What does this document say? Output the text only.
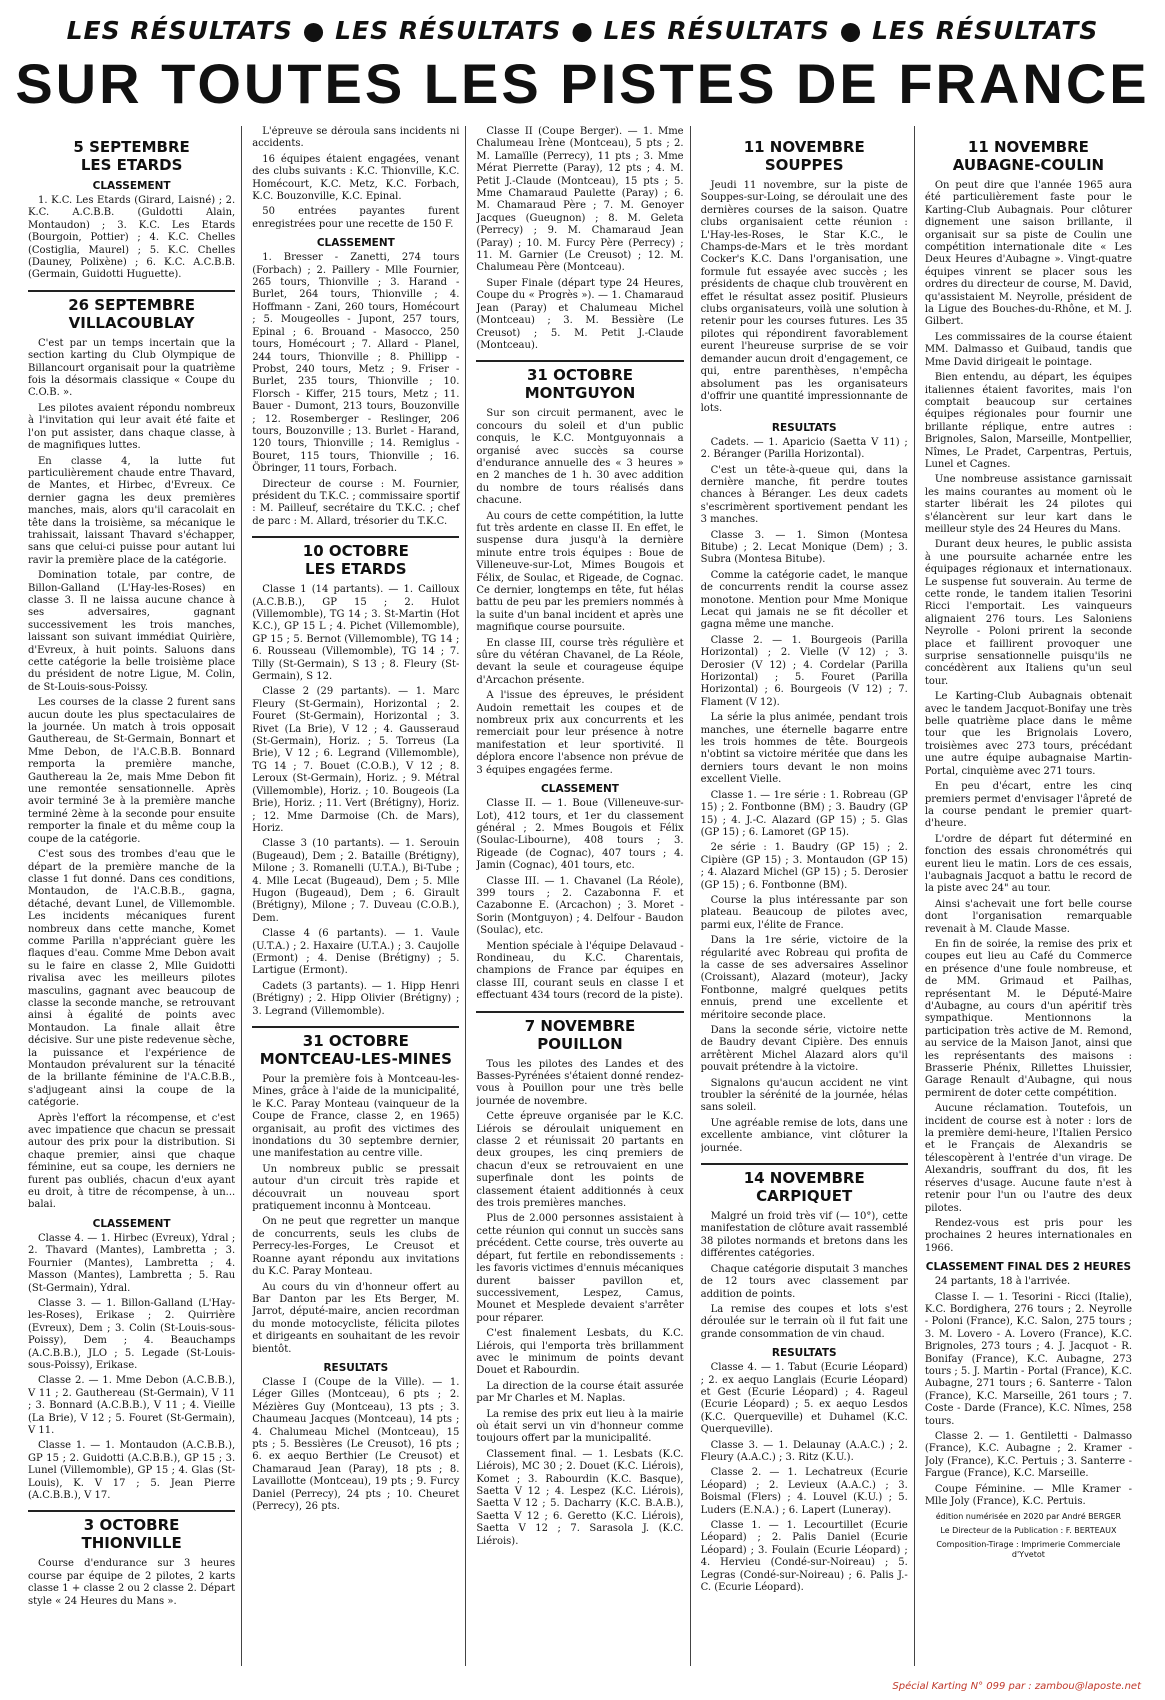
LES RÉSULTATS ● LES RÉSULTATS ● LES RÉSULTATS ● LES RÉSULTATS
SUR TOUTES LES PISTES DE FRANCE
5 SEPTEMBRE
LES ETARDS
CLASSEMENT

1. K.C. Les Etards (Girard, Laisné) ; 2. K.C. A.C.B.B. (Guldotti Alain, Montaudon) ; 3. K.C. Les Etards (Bourgoin, Pottier) ; 4. K.C. Chelles (Costiglia, Maurel) ; 5. K.C. Chelles (Dauney, Polixène) ; 6. K.C. A.C.B.B. (Germain, Guidotti Huguette).

26 SEPTEMBRE
VILLACOUBLAY

C'est par un temps incertain que la section karting du Club Olympique de Billancourt organisait pour la quatrième fois la désormais classique « Coupe du C.O.B. ».

Les pilotes avaient répondu nombreux à l'invitation qui leur avait été faite et l'on put assister, dans chaque classe, à de magnifiques luttes.

En classe 4, la lutte fut particulièrement chaude entre Thavard, de Mantes, et Hirbec, d'Evreux. Ce dernier gagna les deux premières manches, mais, alors qu'il caracolait en tête dans la troisième, sa mécanique le trahissait, laissant Thavard s'échapper, sans que celui-ci puisse pour autant lui ravir la première place de la catégorie.

Domination totale, par contre, de Billon-Galland (L'Hay-les-Roses) en classe 3. Il ne laissa aucune chance à ses adversaires, gagnant successivement les trois manches, laissant son suivant immédiat Quirière, d'Evreux, à huit points. Saluons dans cette catégorie la belle troisième place du président de notre Ligue, M. Colin, de St-Louis-sous-Poissy.

Les courses de la classe 2 furent sans aucun doute les plus spectaculaires de la journée. Un match à trois opposait Gauthereau, de St-Germain, Bonnart et Mme Debon, de l'A.C.B.B. Bonnard remporta la première manche, Gauthereau la 2e, mais Mme Debon fit une remontée sensationnelle. Après avoir terminé 3e à la première manche terminé 2ème à la seconde pour ensuite remporter la finale et du même coup la coupe de la catégorie.

C'est sous des trombes d'eau que le départ de la première manche de la classe 1 fut donné. Dans ces conditions, Montaudon, de l'A.C.B.B., gagna, détaché, devant Lunel, de Villemomble. Les incidents mécaniques furent nombreux dans cette manche, Komet comme Parilla n'appréciant guère les flaques d'eau. Comme Mme Debon avait su le faire en classe 2, Mlle Guidotti rivalisa avec les meilleurs pilotes masculins, gagnant avec beaucoup de classe la seconde manche, se retrouvant ainsi à égalité de points avec Montaudon. La finale allait être décisive. Sur une piste redevenue sèche, la puissance et l'expérience de Montaudon prévalurent sur la ténacité de la brillante féminine de l'A.C.B.B., s'adjugeant ainsi la coupe de la catégorie.

Après l'effort la récompense, et c'est avec impatience que chacun se pressait autour des prix pour la distribution. Si chaque premier, ainsi que chaque féminine, eut sa coupe, les derniers ne furent pas oubliés, chacun d'eux ayant eu droit, à titre de récompense, à un... balai.

CLASSEMENT

Classe 4. — 1. Hirbec (Evreux), Ydral ; 2. Thavard (Mantes), Lambretta ; 3. Fournier (Mantes), Lambretta ; 4. Masson (Mantes), Lambretta ; 5. Rau (St-Germain), Ydral.

Classe 3. — 1. Billon-Galland (L'Hay-les-Roses), Erikase ; 2. Quirrière (Evreux), Dem ; 3. Colin (St-Louis-sous-Poissy), Dem ; 4. Beauchamps (A.C.B.B.), JLO ; 5. Legade (St-Louis-sous-Poissy), Erikase.

Classe 2. — 1. Mme Debon (A.C.B.B.), V 11 ; 2. Gauthereau (St-Germain), V 11 ; 3. Bonnard (A.C.B.B.), V 11 ; 4. Vieille (La Brie), V 12 ; 5. Fouret (St-Germain), V 11.

Classe 1. — 1. Montaudon (A.C.B.B.), GP 15 ; 2. Guidotti (A.C.B.B.), GP 15 ; 3. Lunel (Villemomble), GP 15 ; 4. Glas (St-Louis), K. V 17 ; 5. Jean Pierre (A.C.B.B.), V 17.

3 OCTOBRE
THIONVILLE

Course d'endurance sur 3 heures course par équipe de 2 pilotes, 2 karts classe 1 + classe 2 ou 2 classe 2. Départ style « 24 Heures du Mans ».

L'épreuve se déroula sans incidents ni accidents.

16 équipes étaient engagées, venant des clubs suivants : K.C. Thionville, K.C. Homécourt, K.C. Metz, K.C. Forbach, K.C. Bouzonville, K.C. Epinal.

50 entrées payantes furent enregistrées pour une recette de 150 F.

CLASSEMENT

1. Bresser - Zanetti, 274 tours (Forbach) ; 2. Paillery - Mlle Fournier, 265 tours, Thionville ; 3. Harand - Burlet, 264 tours, Thionville ; 4. Hoffmann - Zani, 260 tours, Homécourt ; 5. Mougeolles - Jupont, 257 tours, Epinal ; 6. Brouand - Masocco, 250 tours, Homécourt ; 7. Allard - Planel, 244 tours, Thionville ; 8. Phillipp - Probst, 240 tours, Metz ; 9. Friser - Burlet, 235 tours, Thionville ; 10. Florsch - Kiffer, 215 tours, Metz ; 11. Bauer - Dumont, 213 tours, Bouzonville ; 12. Rosemberger - Reslinger, 206 tours, Bouzonville ; 13. Burlet - Harand, 120 tours, Thionville ; 14. Remiglus - Bouret, 115 tours, Thionville ; 16. Öbringer, 11 tours, Forbach.

Directeur de course : M. Fournier, président du T.K.C. ; commissaire sportif : M. Pailleuf, secrétaire du T.K.C. ; chef de parc : M. Allard, trésorier du T.K.C.

10 OCTOBRE
LES ETARDS

Classe 1 (14 partants). — 1. Cailloux (A.C.B.B.), GP 15 ; 2. Hulot (Villemomble), TG 14 ; 3. St-Martin (Hot K.C.), GP 15 L ; 4. Pichet (Villemomble), GP 15 ; 5. Bernot (Villemomble), TG 14 ; 6. Rousseau (Villemomble), TG 14 ; 7. Tilly (St-Germain), S 13 ; 8. Fleury (St-Germain), S 12.

Classe 2 (29 partants). — 1. Marc Fleury (St-Germain), Horizontal ; 2. Fouret (St-Germain), Horizontal ; 3. Rivet (La Brie), V 12 ; 4. Gausseraud (St-Germain), Horiz. ; 5. Torreus (La Brie), V 12 ; 6. Legrand (Villemomble), TG 14 ; 7. Bouet (C.O.B.), V 12 ; 8. Leroux (St-Germain), Horiz. ; 9. Métral (Villemomble), Horiz. ; 10. Bougeois (La Brie), Horiz. ; 11. Vert (Brétigny), Horiz. ; 12. Mme Darmoise (Ch. de Mars), Horiz.

Classe 3 (10 partants). — 1. Serouin (Bugeaud), Dem ; 2. Bataille (Brétigny), Milone ; 3. Romanelli (U.T.A.), Bi-Tube ; 4. Mlle Lecat (Bugeaud), Dem ; 5. Mlle Hugon (Bugeaud), Dem ; 6. Girault (Brétigny), Milone ; 7. Duveau (C.O.B.), Dem.

Classe 4 (6 partants). — 1. Vaule (U.T.A.) ; 2. Haxaire (U.T.A.) ; 3. Caujolle (Ermont) ; 4. Denise (Brétigny) ; 5. Lartigue (Ermont).

Cadets (3 partants). — 1. Hipp Henri (Brétigny) ; 2. Hipp Olivier (Brétigny) ; 3. Legrand (Villemomble).

31 OCTOBRE
MONTCEAU-LES-MINES

Pour la première fois à Montceau-les-Mines, grâce à l'aide de la municipalité, le K.C. Paray Monteau (vainqueur de la Coupe de France, classe 2, en 1965) organisait, au profit des victimes des inondations du 30 septembre dernier, une manifestation au centre ville.

Un nombreux public se pressait autour d'un circuit très rapide et découvrait un nouveau sport pratiquement inconnu à Montceau.

On ne peut que regretter un manque de concurrents, seuls les clubs de Perrecy-les-Forges, Le Creusot et Roanne ayant répondu aux invitations du K.C. Paray Monteau.

Au cours du vin d'honneur offert au Bar Danton par les Ets Berger, M. Jarrot, député-maire, ancien recordman du monde motocycliste, félicita pilotes et dirigeants en souhaitant de les revoir bientôt.

RESULTATS

Classe I (Coupe de la Ville). — 1. Léger Gilles (Montceau), 6 pts ; 2. Mézières Guy (Montceau), 13 pts ; 3. Chaumeau Jacques (Montceau), 14 pts ; 4. Chalumeau Michel (Montceau), 15 pts ; 5. Bessières (Le Creusot), 16 pts ; 6. ex aequo Berthier (Le Creusot) et Chamaraud Jean (Paray), 18 pts ; 8. Lavaillotte (Montceau), 19 pts ; 9. Furcy Daniel (Perrecy), 24 pts ; 10. Cheuret (Perrecy), 26 pts.

Classe II (Coupe Berger). — 1. Mme Chalumeau Irène (Montceau), 5 pts ; 2. M. Lamaïlle (Perrecy), 11 pts ; 3. Mme Mérat Pierrette (Paray), 12 pts ; 4. M. Petit J.-Claude (Montceau), 15 pts ; 5. Mme Chamaraud Paulette (Paray) ; 6. M. Chamaraud Père ; 7. M. Genoyer Jacques (Gueugnon) ; 8. M. Geleta (Perrecy) ; 9. M. Chamaraud Jean (Paray) ; 10. M. Furcy Père (Perrecy) ; 11. M. Garnier (Le Creusot) ; 12. M. Chalumeau Père (Montceau).

Super Finale (départ type 24 Heures, Coupe du « Progrès »). — 1. Chamaraud Jean (Paray) et Chalumeau Michel (Montceau) ; 3. M. Bessière (Le Creusot) ; 5. M. Petit J.-Claude (Montceau).

31 OCTOBRE
MONTGUYON

Sur son circuit permanent, avec le concours du soleil et d'un public conquis, le K.C. Montguyonnais a organisé avec succès sa course d'endurance annuelle des « 3 heures » en 2 manches de 1 h. 30 avec addition du nombre de tours réalisés dans chacune.

Au cours de cette compétition, la lutte fut très ardente en classe II. En effet, le suspense dura jusqu'à la dernière minute entre trois équipes : Boue de Villeneuve-sur-Lot, Mimes Bougois et Félix, de Soulac, et Rigeade, de Cognac. Ce dernier, longtemps en tête, fut hélas battu de peu par les premiers nommés à la suite d'un banal incident et après une magnifique course poursuite.

En classe III, course très régulière et sûre du vétéran Chavanel, de La Réole, devant la seule et courageuse équipe d'Arcachon présente.

A l'issue des épreuves, le président Audoin remettait les coupes et de nombreux prix aux concurrents et les remerciait pour leur présence à notre manifestation et leur sportivité. Il déplora encore l'absence non prévue de 3 équipes engagées ferme.

CLASSEMENT

Classe II. — 1. Boue (Villeneuve-sur-Lot), 412 tours, et 1er du classement général ; 2. Mmes Bougois et Félix (Soulac-Libourne), 408 tours ; 3. Rigeade (de Cognac), 407 tours ; 4. Jamin (Cognac), 401 tours, etc.

Classe III. — 1. Chavanel (La Réole), 399 tours ; 2. Cazabonna F. et Cazabonne E. (Arcachon) ; 3. Moret - Sorin (Montguyon) ; 4. Delfour - Baudon (Soulac), etc.

Mention spéciale à l'équipe Delavaud - Rondineau, du K.C. Charentais, champions de France par équipes en classe III, courant seuls en classe I et effectuant 434 tours (record de la piste).

7 NOVEMBRE
POUILLON

Tous les pilotes des Landes et des Basses-Pyrénées s'étaient donné rendez-vous à Pouillon pour une très belle journée de novembre.

Cette épreuve organisée par le K.C. Liérois se déroulait uniquement en classe 2 et réunissait 20 partants en deux groupes, les cinq premiers de chacun d'eux se retrouvaient en une superfinale dont les points de classement étaient additionnés à ceux des trois premières manches.

Plus de 2.000 personnes assistaient à cette réunion qui connut un succès sans précédent. Cette course, très ouverte au départ, fut fertile en rebondissements : les favoris victimes d'ennuis mécaniques durent baisser pavillon et, successivement, Lespez, Camus, Mounet et Mesplede devaient s'arrêter pour réparer.

C'est finalement Lesbats, du K.C. Liérois, qui l'emporta très brillamment avec le minimum de points devant Douet et Rabourdin.

La direction de la course était assurée par Mr Charles et M. Naplas.

La remise des prix eut lieu à la mairie où était servi un vin d'honneur comme toujours offert par la municipalité.

Classement final. — 1. Lesbats (K.C. Liérois), MC 30 ; 2. Douet (K.C. Liérois), Komet ; 3. Rabourdin (K.C. Basque), Saetta V 12 ; 4. Lespez (K.C. Liérois), Saetta V 12 ; 5. Dacharry (K.C. B.A.B.), Saetta V 12 ; 6. Geretto (K.C. Liérois), Saetta V 12 ; 7. Sarasola J. (K.C. Liérois).

11 NOVEMBRE
SOUPPES

Jeudi 11 novembre, sur la piste de Souppes-sur-Loing, se déroulait une des dernières courses de la saison. Quatre clubs organisaient cette réunion : L'Hay-les-Roses, le Star K.C., le Champs-de-Mars et le très mordant Cocker's K.C. Dans l'organisation, une formule fut essayée avec succès ; les présidents de chaque club trouvèrent en effet le résultat assez positif. Plusieurs clubs organisateurs, voilà une solution à retenir pour les courses futures. Les 35 pilotes qui répondirent favorablement eurent l'heureuse surprise de se voir demander aucun droit d'engagement, ce qui, entre parenthèses, n'empêcha absolument pas les organisateurs d'offrir une quantité impressionnante de lots.

RESULTATS

Cadets. — 1. Aparicio (Saetta V 11) ; 2. Béranger (Parilla Horizontal).

C'est un tête-à-queue qui, dans la dernière manche, fit perdre toutes chances à Béranger. Les deux cadets s'escrimèrent sportivement pendant les 3 manches.

Classe 3. — 1. Simon (Montesa Bitube) ; 2. Lecat Monique (Dem) ; 3. Subra (Montesa Bitube).

Comme la catégorie cadet, le manque de concurrents rendit la course assez monotone. Mention pour Mme Monique Lecat qui jamais ne se fit décoller et gagna même une manche.

Classe 2. — 1. Bourgeois (Parilla Horizontal) ; 2. Vielle (V 12) ; 3. Derosier (V 12) ; 4. Cordelar (Parilla Horizontal) ; 5. Fouret (Parilla Horizontal) ; 6. Bourgeois (V 12) ; 7. Flament (V 12).

La série la plus animée, pendant trois manches, une éternelle bagarre entre les trois hommes de tête. Bourgeois n'obtint sa victoire méritée que dans les derniers tours devant le non moins excellent Vielle.

Classe 1. — 1re série : 1. Robreau (GP 15) ; 2. Fontbonne (BM) ; 3. Baudry (GP 15) ; 4. J.-C. Alazard (GP 15) ; 5. Glas (GP 15) ; 6. Lamoret (GP 15).

2e série : 1. Baudry (GP 15) ; 2. Cipière (GP 15) ; 3. Montaudon (GP 15) ; 4. Alazard Michel (GP 15) ; 5. Derosier (GP 15) ; 6. Fontbonne (BM).

Course la plus intéressante par son plateau. Beaucoup de pilotes avec, parmi eux, l'élite de France.

Dans la 1re série, victoire de la régularité avec Robreau qui profita de la casse de ses adversaires Asselinor (Croissant), Alazard (moteur), Jacky Fontbonne, malgré quelques petits ennuis, prend une excellente et méritoire seconde place.

Dans la seconde série, victoire nette de Baudry devant Cipière. Des ennuis arrêtèrent Michel Alazard alors qu'il pouvait prétendre à la victoire.

Signalons qu'aucun accident ne vint troubler la sérénité de la journée, hélas sans soleil.

Une agréable remise de lots, dans une excellente ambiance, vint clôturer la journée.

14 NOVEMBRE
CARPIQUET

Malgré un froid très vif (— 10°), cette manifestation de clôture avait rassemblé 38 pilotes normands et bretons dans les différentes catégories.

Chaque catégorie disputait 3 manches de 12 tours avec classement par addition de points.

La remise des coupes et lots s'est déroulée sur le terrain où il fut fait une grande consommation de vin chaud.

RESULTATS

Classe 4. — 1. Tabut (Ecurie Léopard) ; 2. ex aequo Langlais (Ecurie Léopard) et Gest (Ecurie Léopard) ; 4. Rageul (Ecurie Léopard) ; 5. ex aequo Lesdos (K.C. Querqueville) et Duhamel (K.C. Querqueville).

Classe 3. — 1. Delaunay (A.A.C.) ; 2. Fleury (A.A.C.) ; 3. Ritz (K.U.).

Classe 2. — 1. Lechatreux (Ecurie Léopard) ; 2. Levieux (A.A.C.) ; 3. Boismal (Flers) ; 4. Louvel (K.U.) ; 5. Luders (E.N.A.) ; 6. Lapert (Luneray).

Classe 1. — 1. Lecourtillet (Ecurie Léopard) ; 2. Palis Daniel (Ecurie Léopard) ; 3. Foulain (Ecurie Léopard) ; 4. Hervieu (Condé-sur-Noireau) ; 5. Legras (Condé-sur-Noireau) ; 6. Palis J.-C. (Ecurie Léopard).

11 NOVEMBRE
AUBAGNE-COULIN

On peut dire que l'année 1965 aura été particulièrement faste pour le Karting-Club Aubagnais. Pour clôturer dignement une saison brillante, il organisait sur sa piste de Coulin une compétition internationale dite « Les Deux Heures d'Aubagne ». Vingt-quatre équipes vinrent se placer sous les ordres du directeur de course, M. David, qu'assistaient M. Neyrolle, président de la Ligue des Bouches-du-Rhône, et M. J. Gilbert.

Les commissaires de la course étaient MM. Dalmasso et Guibaud, tandis que Mme David dirigeait le pointage.

Bien entendu, au départ, les équipes italiennes étaient favorites, mais l'on comptait beaucoup sur certaines équipes régionales pour fournir une brillante réplique, entre autres : Brignoles, Salon, Marseille, Montpellier, Nîmes, Le Pradet, Carpentras, Pertuis, Lunel et Cagnes.

Une nombreuse assistance garnissait les mains courantes au moment où le starter libérait les 24 pilotes qui s'élancèrent sur leur kart dans le meilleur style des 24 Heures du Mans.

Durant deux heures, le public assista à une poursuite acharnée entre les équipages régionaux et internationaux. Le suspense fut souverain. Au terme de cette ronde, le tandem italien Tesorini Ricci l'emportait. Les vainqueurs alignaient 276 tours. Les Saloniens Neyrolle - Poloni prirent la seconde place et faillirent provoquer une surprise sensationnelle puisqu'ils ne concédèrent aux Italiens qu'un seul tour.

Le Karting-Club Aubagnais obtenait avec le tandem Jacquot-Bonifay une très belle quatrième place dans le même tour que les Brignolais Lovero, troisièmes avec 273 tours, précédant une autre équipe aubagnaise Martin-Portal, cinquième avec 271 tours.

En peu d'écart, entre les cinq premiers permet d'envisager l'âpreté de la course pendant le premier quart-d'heure.

L'ordre de départ fut déterminé en fonction des essais chronométrés qui eurent lieu le matin. Lors de ces essais, l'aubagnais Jacquot a battu le record de la piste avec 24" au tour.

Ainsi s'achevait une fort belle course dont l'organisation remarquable revenait à M. Claude Masse.

En fin de soirée, la remise des prix et coupes eut lieu au Café du Commerce en présence d'une foule nombreuse, et de MM. Grimaud et Pailhas, représentant M. le Député-Maire d'Aubagne, au cours d'un apéritif très sympathique. Mentionnons la participation très active de M. Remond, au service de la Maison Janot, ainsi que les représentants des maisons : Brasserie Phénix, Rillettes Lhuissier, Garage Renault d'Aubagne, qui nous permirent de doter cette compétition.

Aucune réclamation. Toutefois, un incident de course est à noter : lors de la première demi-heure, l'Italien Persico et le Français de Alexandris se télescopèrent à l'entrée d'un virage. De Alexandris, souffrant du dos, fit les réserves d'usage. Aucune faute n'est à retenir pour l'un ou l'autre des deux pilotes.

Rendez-vous est pris pour les prochaines 2 heures internationales en 1966.

CLASSEMENT FINAL DES 2 HEURES

24 partants, 18 à l'arrivée.

Classe I. — 1. Tesorini - Ricci (Italie), K.C. Bordighera, 276 tours ; 2. Neyrolle - Poloni (France), K.C. Salon, 275 tours ; 3. M. Lovero - A. Lovero (France), K.C. Brignoles, 273 tours ; 4. J. Jacquot - R. Bonifay (France), K.C. Aubagne, 273 tours ; 5. J. Martin - Portal (France), K.C. Aubagne, 271 tours ; 6. Santerre - Talon (France), K.C. Marseille, 261 tours ; 7. Coste - Darde (France), K.C. Nîmes, 258 tours.

Classe 2. — 1. Gentiletti - Dalmasso (France), K.C. Aubagne ; 2. Kramer - Joly (France), K.C. Pertuis ; 3. Santerre - Fargue (France), K.C. Marseille.

Coupe Féminine. — Mlle Kramer - Mlle Joly (France), K.C. Pertuis.

édition numérisée en 2020 par André BERGER
Le Directeur de la Publication : F. BERTEAUX
Composition-Tirage : Imprimerie Commerciale d'Yvetot
Spécial Karting N° 099 par : zambou@laposte.net
